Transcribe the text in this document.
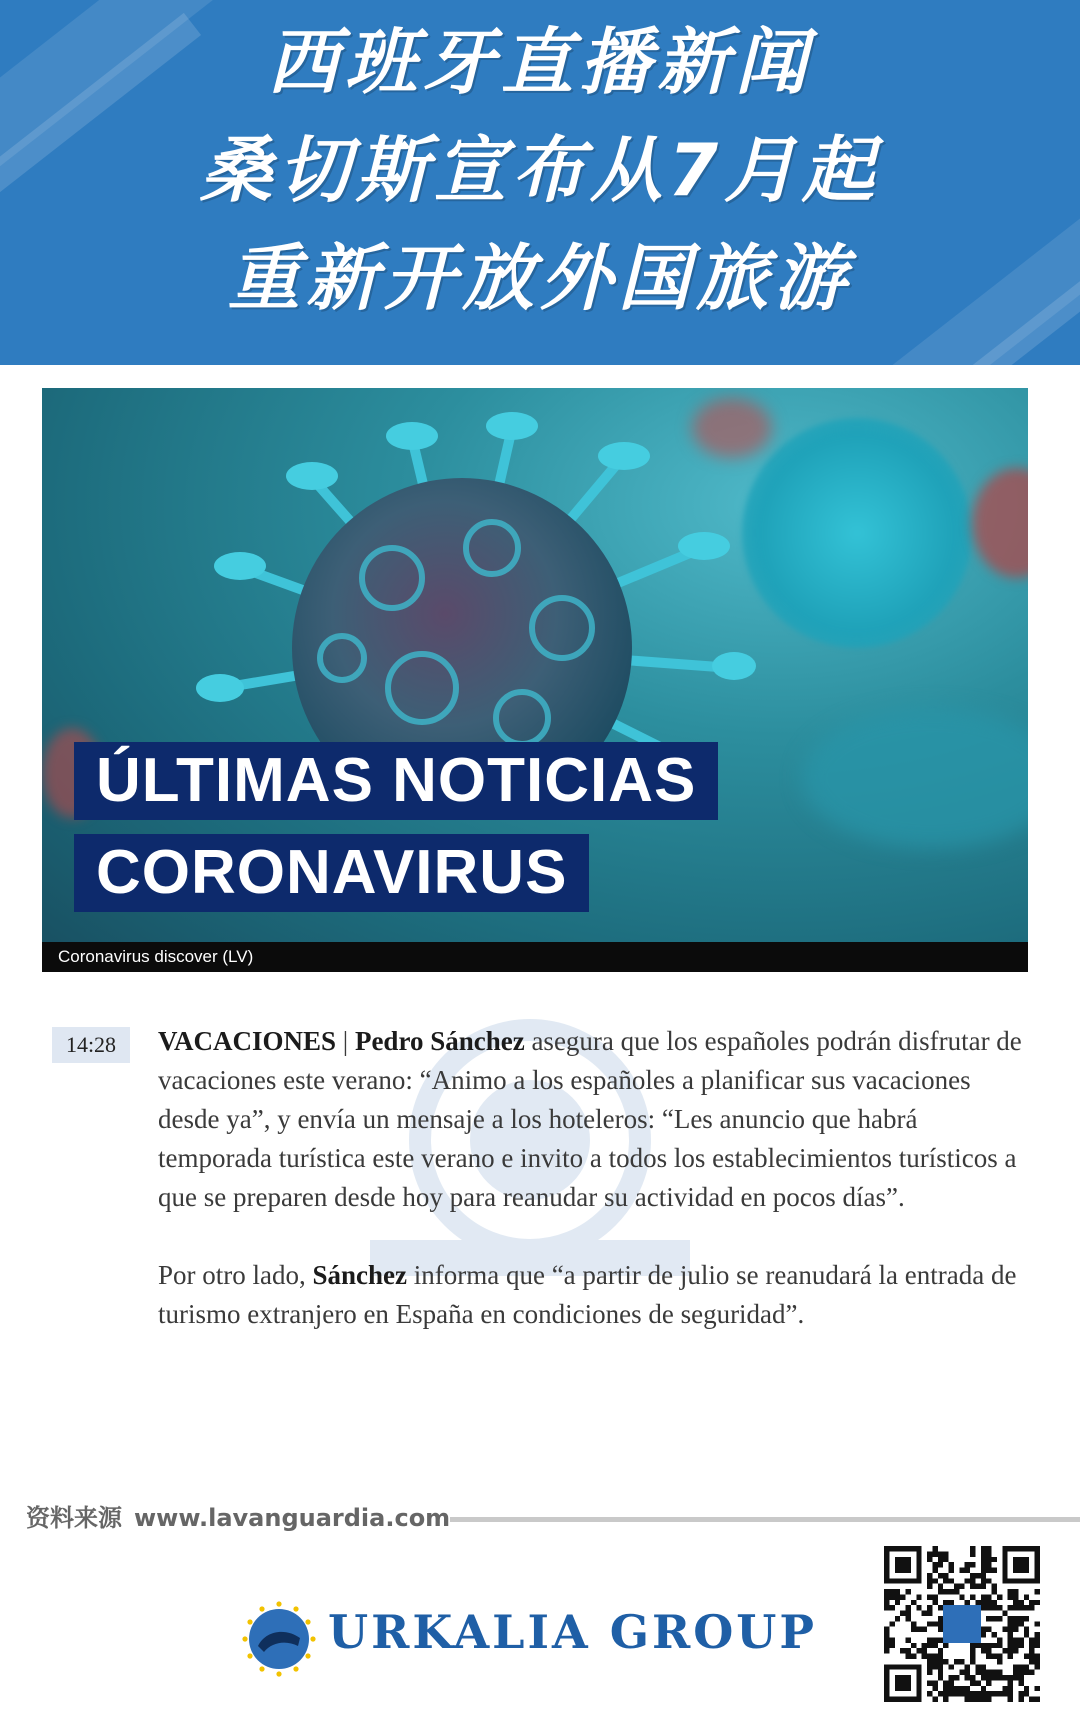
西班牙直播新闻
桑切斯宣布从7月起
重新开放外国旅游
ÚLTIMAS NOTICIAS
CORONAVIRUS
Coronavirus discover (LV)
14:28	VACACIONES | Pedro Sánchez asegura que los españoles podrán disfrutar de vacaciones este verano: “Animo a los españoles a planificar sus vacaciones desde ya”, y envía un mensaje a los hoteleros: “Les anuncio que habrá temporada turística este verano e invito a todos los establecimientos turísticos a que se preparen desde hoy para reanudar su actividad en pocos días”.

Por otro lado, Sánchez informa que “a partir de julio se reanudará la entrada de turismo extranjero en España en condiciones de seguridad”.

资料来源 www.lavanguardia.com
URKALIA GROUP
